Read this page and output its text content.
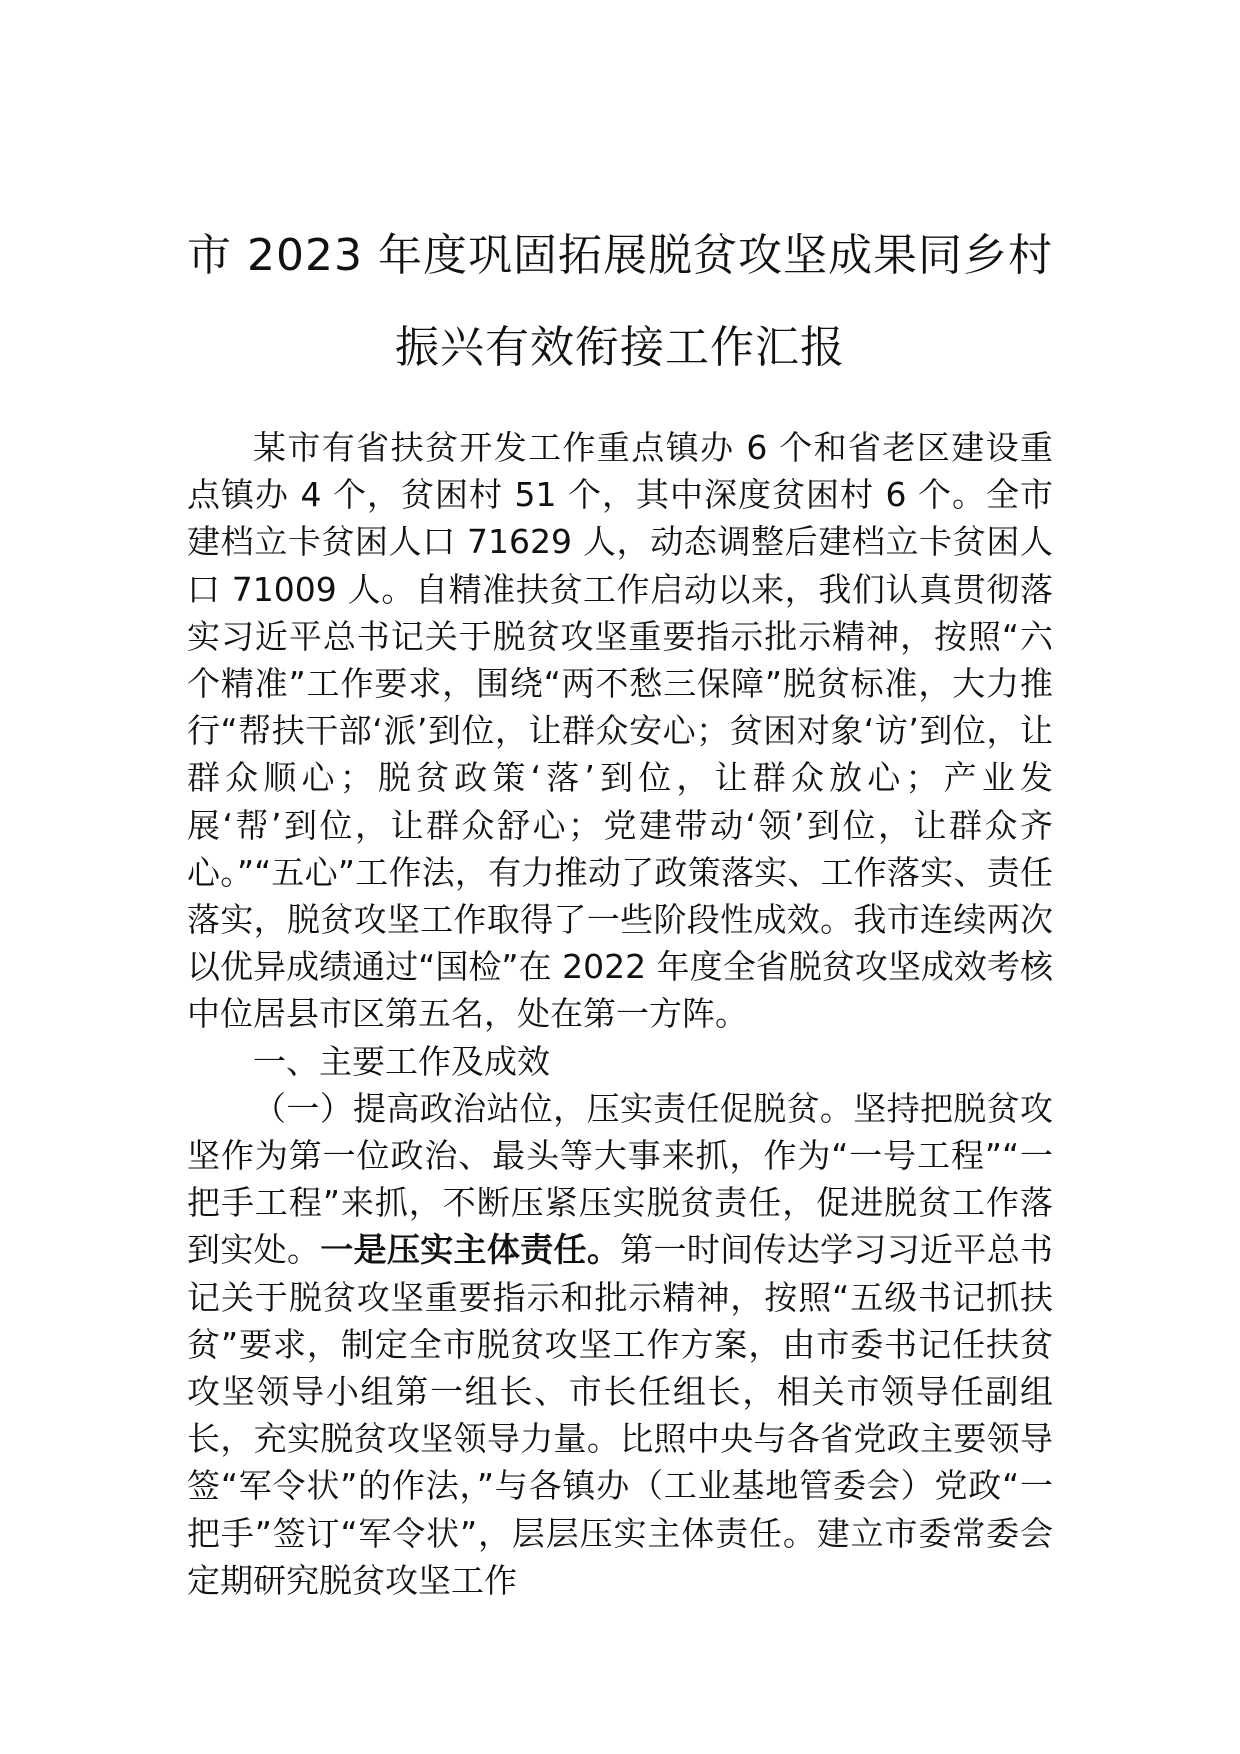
市 2023 年度巩固拓展脱贫攻坚成果同乡村
振兴有效衔接工作汇报

某市有省扶贫开发工作重点镇办 6 个和省老区建设重点镇办 4 个，贫困村 51 个，其中深度贫困村 6 个。全市建档立卡贫困人口 71629 人，动态调整后建档立卡贫困人口 71009 人。自精准扶贫工作启动以来，我们认真贯彻落实习近平总书记关于脱贫攻坚重要指示批示精神，按照“六个精准”工作要求，围绕“两不愁三保障”脱贫标准，大力推行“帮扶干部‘派’到位，让群众安心；贫困对象‘访’到位，让群众顺心；脱贫政策‘落’到位，让群众放心；产业发展‘帮’到位，让群众舒心；党建带动‘领’到位，让群众齐心。”“五心”工作法，有力推动了政策落实、工作落实、责任落实，脱贫攻坚工作取得了一些阶段性成效。我市连续两次以优异成绩通过“国检”在 2022 年度全省脱贫攻坚成效考核中位居县市区第五名，处在第一方阵。

一、主要工作及成效

（一）提高政治站位，压实责任促脱贫。坚持把脱贫攻坚作为第一位政治、最头等大事来抓，作为“一号工程”“一把手工程”来抓，不断压紧压实脱贫责任，促进脱贫工作落到实处。一是压实主体责任。第一时间传达学习习近平总书记关于脱贫攻坚重要指示和批示精神，按照“五级书记抓扶贫”要求，制定全市脱贫攻坚工作方案，由市委书记任扶贫攻坚领导小组第一组长、市长任组长，相关市领导任副组长，充实脱贫攻坚领导力量。比照中央与各省党政主要领导签“军令状”的作法，”与各镇办（工业基地管委会）党政“一把手”签订“军令状”，层层压实主体责任。建立市委常委会定期研究脱贫攻坚工作
